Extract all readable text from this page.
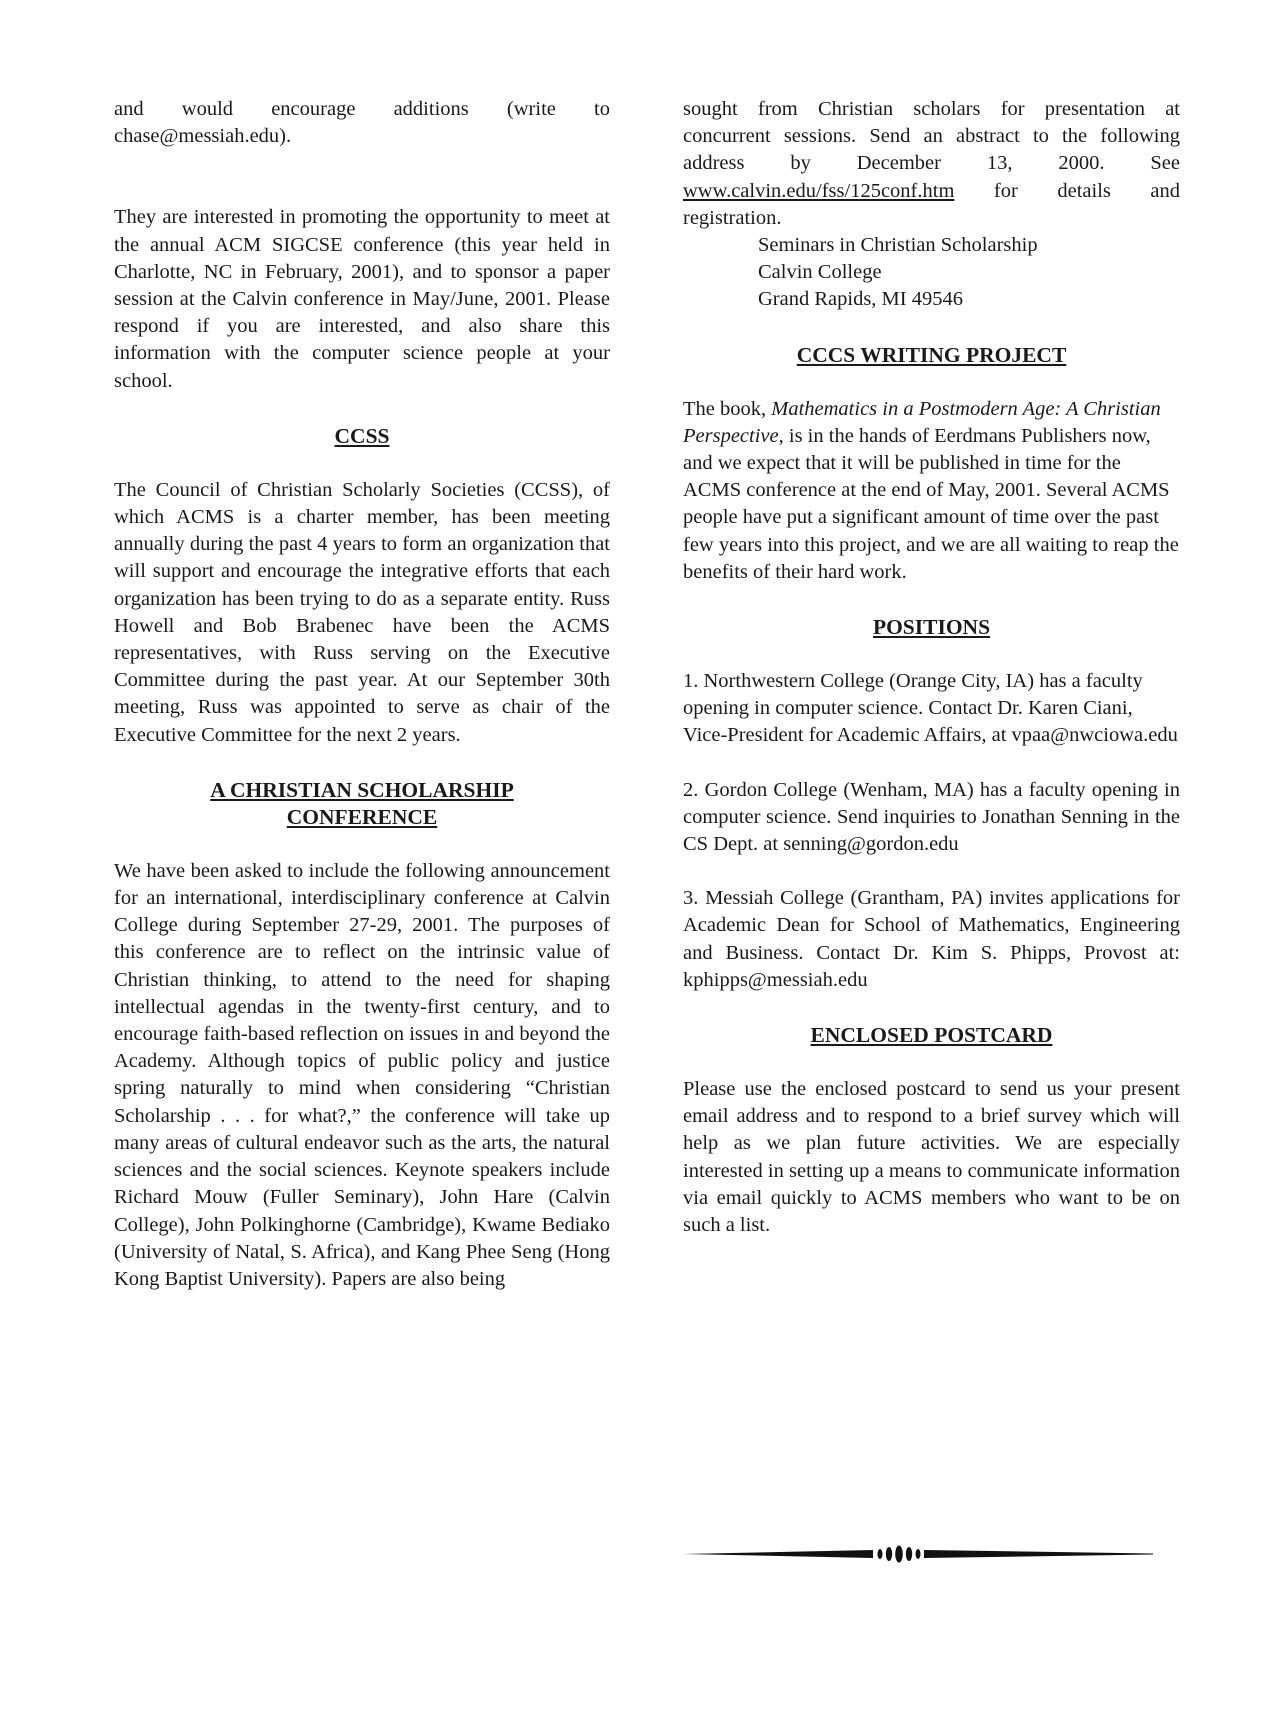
and would encourage additions (write to chase@messiah.edu).

They are interested in promoting the opportunity to meet at the annual ACM SIGCSE conference (this year held in Charlotte, NC in February, 2001), and to sponsor a paper session at the Calvin conference in May/June, 2001. Please respond if you are interested, and also share this information with the computer science people at your school.

CCSS

The Council of Christian Scholarly Societies (CCSS), of which ACMS is a charter member, has been meeting annually during the past 4 years to form an organization that will support and encourage the integrative efforts that each organization has been trying to do as a separate entity. Russ Howell and Bob Brabenec have been the ACMS representatives, with Russ serving on the Executive Committee during the past year. At our September 30th meeting, Russ was appointed to serve as chair of the Executive Committee for the next 2 years.

A CHRISTIAN SCHOLARSHIP
CONFERENCE

We have been asked to include the following announcement for an international, interdisciplinary conference at Calvin College during September 27-29, 2001. The purposes of this conference are to reflect on the intrinsic value of Christian thinking, to attend to the need for shaping intellectual agendas in the twenty-first century, and to encourage faith-based reflection on issues in and beyond the Academy. Although topics of public policy and justice spring naturally to mind when considering “Christian Scholarship . . . for what?,” the conference will take up many areas of cultural endeavor such as the arts, the natural sciences and the social sciences. Keynote speakers include Richard Mouw (Fuller Seminary), John Hare (Calvin College), John Polkinghorne (Cambridge), Kwame Bediako (University of Natal, S. Africa), and Kang Phee Seng (Hong Kong Baptist University). Papers are also being

sought from Christian scholars for presentation at concurrent sessions. Send an abstract to the following address by December 13, 2000. See www.calvin.edu/fss/125conf.htm for details and registration.

Seminars in Christian Scholarship
Calvin College
Grand Rapids, MI 49546
CCCS WRITING PROJECT

The book, Mathematics in a Postmodern Age: A Christian Perspective, is in the hands of Eerdmans Publishers now, and we expect that it will be published in time for the ACMS conference at the end of May, 2001. Several ACMS people have put a significant amount of time over the past few years into this project, and we are all waiting to reap the benefits of their hard work.

POSITIONS

1. Northwestern College (Orange City, IA) has a faculty opening in computer science. Contact Dr. Karen Ciani, Vice-President for Academic Affairs, at vpaa@nwciowa.edu

2. Gordon College (Wenham, MA) has a faculty opening in computer science. Send inquiries to Jonathan Senning in the CS Dept. at senning@gordon.edu

3. Messiah College (Grantham, PA) invites applications for Academic Dean for School of Mathematics, Engineering and Business. Contact Dr. Kim S. Phipps, Provost at: kphipps@messiah.edu

ENCLOSED POSTCARD

Please use the enclosed postcard to send us your present email address and to respond to a brief survey which will help as we plan future activities. We are especially interested in setting up a means to communicate information via email quickly to ACMS members who want to be on such a list.
